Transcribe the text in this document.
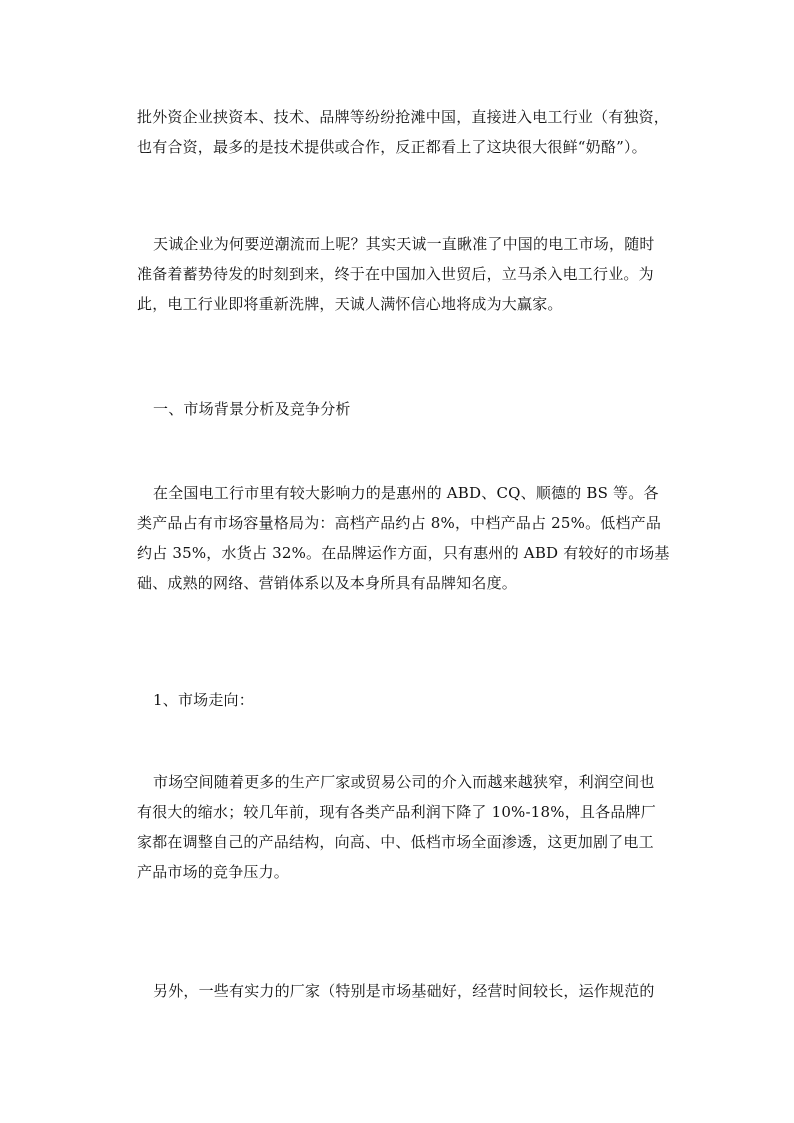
批外资企业挟资本、技术、品牌等纷纷抢滩中国，直接进入电工行业（有独资，
也有合资，最多的是技术提供或合作，反正都看上了这块很大很鲜“奶酪”）。

天诚企业为何要逆潮流而上呢？其实天诚一直瞅准了中国的电工市场，随时
准备着蓄势待发的时刻到来，终于在中国加入世贸后，立马杀入电工行业。为
此，电工行业即将重新洗牌，天诚人满怀信心地将成为大赢家。

一、市场背景分析及竞争分析

在全国电工行市里有较大影响力的是惠州的 ABD、CQ、顺德的 BS 等。各
类产品占有市场容量格局为：高档产品约占 8%，中档产品占 25%。低档产品
约占 35%，水货占 32%。在品牌运作方面，只有惠州的 ABD 有较好的市场基
础、成熟的网络、营销体系以及本身所具有品牌知名度。

1、市场走向：

市场空间随着更多的生产厂家或贸易公司的介入而越来越狭窄，利润空间也
有很大的缩水；较几年前，现有各类产品利润下降了 10%-18%，且各品牌厂
家都在调整自己的产品结构，向高、中、低档市场全面渗透，这更加剧了电工
产品市场的竞争压力。

另外，一些有实力的厂家（特别是市场基础好，经营时间较长，运作规范的
